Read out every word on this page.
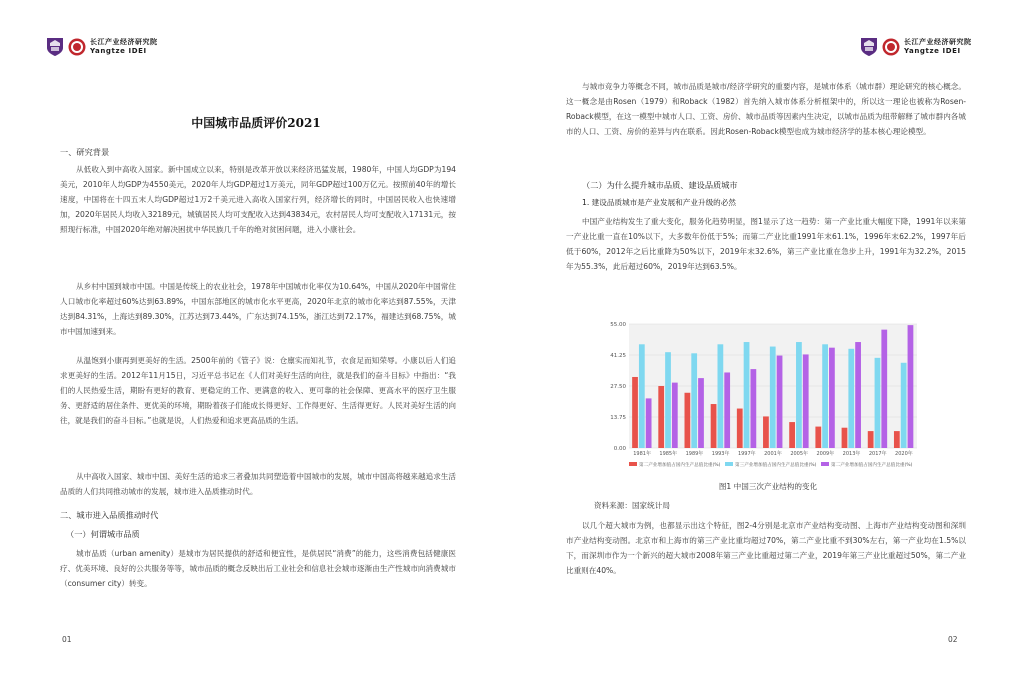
长江产业经济研究院
Yangtze IDEI
中国城市品质评价2021
一、研究背景

从低收入到中高收入国家。新中国成立以来，特别是改革开放以来经济迅猛发展，1980年，中国人均GDP为194美元，2010年人均GDP为4550美元，2020年人均GDP超过1万美元，同年GDP超过100万亿元。按照前40年的增长速度，中国将在十四五末人均GDP超过1万2千美元进入高收入国家行列，经济增长的同时，中国居民收入也快速增加，2020年居民人均收入32189元，城镇居民人均可支配收入达到43834元，农村居民人均可支配收入17131元，按照现行标准，中国2020年绝对解决困扰中华民族几千年的绝对贫困问题，进入小康社会。

从乡村中国到城市中国。中国是传统上的农业社会，1978年中国城市化率仅为10.64%，中国从2020年中国常住人口城市化率超过60%达到63.89%，中国东部地区的城市化水平更高，2020年北京的城市化率达到87.55%，天津达到84.31%，上海达到89.30%，江苏达到73.44%，广东达到74.15%，浙江达到72.17%，福建达到68.75%，城市中国加速到来。

从温饱到小康再到更美好的生活。2500年前的《管子》说：仓廪实而知礼节，衣食足而知荣辱。小康以后人们追求更美好的生活。2012年11月15日，习近平总书记在《人们对美好生活的向往，就是我们的奋斗目标》中指出：“我们的人民热爱生活，期盼有更好的教育、更稳定的工作、更满意的收入、更可靠的社会保障、更高水平的医疗卫生服务、更舒适的居住条件、更优美的环境，期盼着孩子们能成长得更好、工作得更好、生活得更好。人民对美好生活的向往，就是我们的奋斗目标。”也就是说，人们热爱和追求更高品质的生活。

从中高收入国家、城市中国、美好生活的追求三者叠加共同塑造着中国城市的发展，城市中国高将越来越追求生活品质的人们共同推动城市的发展，城市进入品质推动时代。

二、城市进入品质推动时代
（一）何谓城市品质

城市品质（urban amenity）是城市为居民提供的舒适和便宜性，是供居民“消费”的能力，这些消费包括健康医疗、优美环境、良好的公共服务等等，城市品质的概念反映出后工业社会和信息社会城市逐渐由生产性城市向消费城市（consumer city）转变。

01
长江产业经济研究院
Yangtze IDEI

与城市竞争力等概念不同，城市品质是城市/经济学研究的重要内容，是城市体系（城市群）理论研究的核心概念。这一概念是由Rosen（1979）和Roback（1982）首先纳入城市体系分析框架中的，所以这一理论也被称为Rosen-Roback模型，在这一模型中城市人口、工资、房价、城市品质等因素内生决定，以城市品质为纽带解释了城市群内各城市的人口、工资、房价的差异与内在联系。因此Rosen-Roback模型也成为城市经济学的基本核心理论模型。

（二）为什么提升城市品质、建设品质城市
1. 建设品质城市是产业发展和产业升级的必然

中国产业结构发生了重大变化，服务化趋势明显，图1显示了这一趋势：第一产业比重大幅度下降，1991年以来第一产业比重一直在10%以下，大多数年份低于5%；而第二产业比重1991年末61.1%，1996年末62.2%，1997年后低于60%，2012年之后比重降为50%以下，2019年末32.6%，第三产业比重在急步上升，1991年为32.2%，2015年为55.3%，此后超过60%，2019年达到63.5%。

图1 中国三次产业结构的变化
资料来源：国家统计局

以几个超大城市为例，也都显示出这个特征，图2-4分别是北京市产业结构变动图、上海市产业结构变动图和深圳市产业结构变动图。北京市和上海市的第三产业比重均超过70%，第二产业比重不到30%左右，第一产业均在1.5%以下，而深圳市作为一个新兴的超大城市2008年第三产业比重超过第二产业，2019年第三产业比重超过50%，第二产业比重则在40%。

02
0.00
13.75
27.50
41.25
55.00
1981年 1985年 1989年 1993年 1997年 2001年 2005年 2009年 2013年 2017年 2020年
第二产业增加值占国内生产总值比重(%)	第三产业增加值占国内生产总值比重(%)	第二产业增加值占国内生产总值比重(%)
